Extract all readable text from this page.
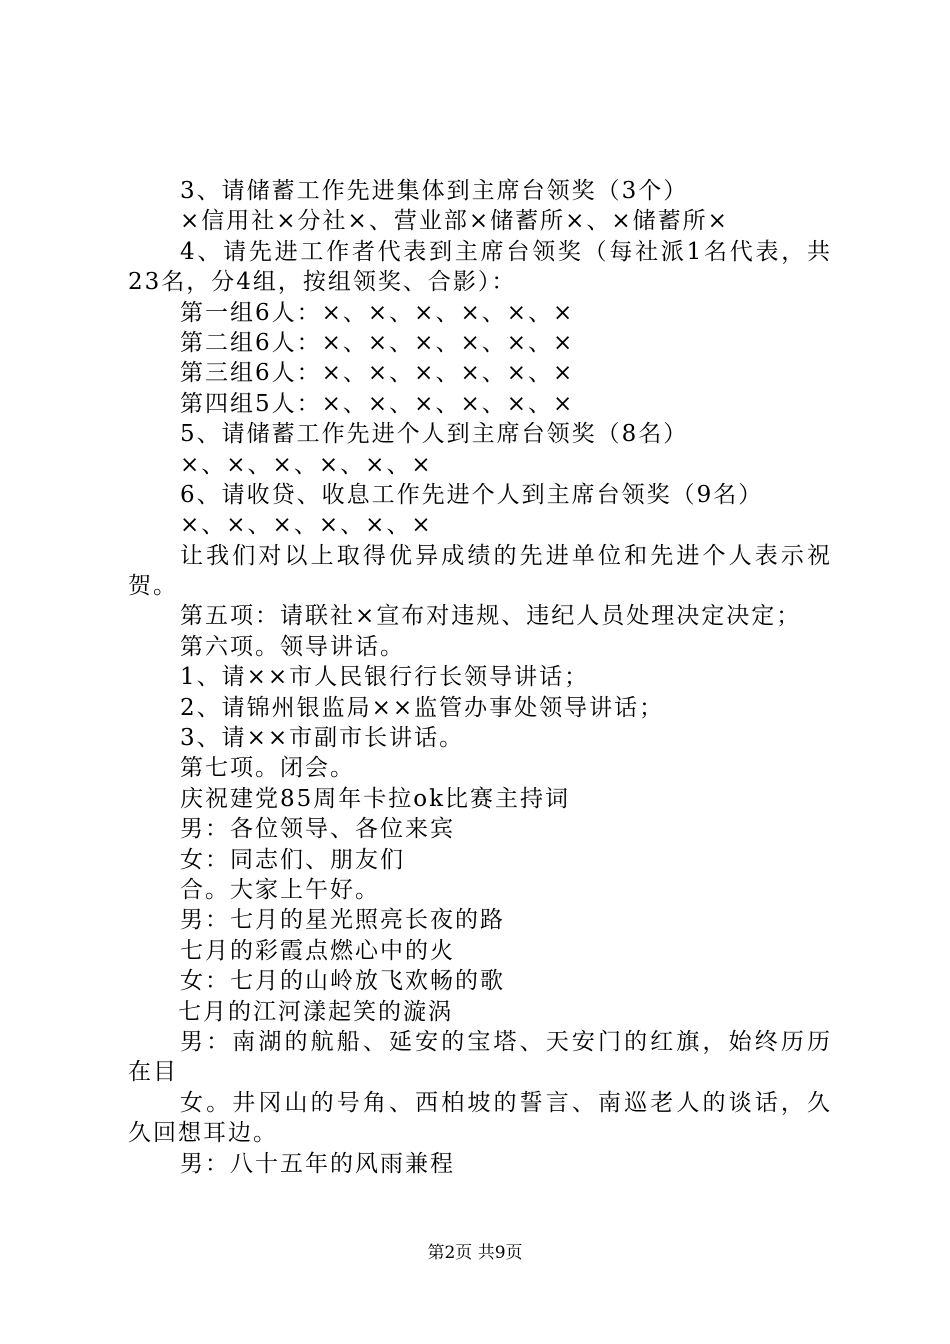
3、请储蓄工作先进集体到主席台领奖（3个）

×信用社×分社×、营业部×储蓄所×、×储蓄所×

4、请先进工作者代表到主席台领奖（每社派1名代表，共

23名，分4组，按组领奖、合影）：

第一组6人：×、×、×、×、×、×

第二组6人：×、×、×、×、×、×

第三组6人：×、×、×、×、×、×

第四组5人：×、×、×、×、×、×

5、请储蓄工作先进个人到主席台领奖（8名）

×、×、×、×、×、×

6、请收贷、收息工作先进个人到主席台领奖（9名）

×、×、×、×、×、×

让我们对以上取得优异成绩的先进单位和先进个人表示祝

贺。

第五项：请联社×宣布对违规、违纪人员处理决定决定；

第六项。领导讲话。

1、请××市人民银行行长领导讲话；

2、请锦州银监局××监管办事处领导讲话；

3、请××市副市长讲话。

第七项。闭会。

庆祝建党85周年卡拉ok比赛主持词

男：各位领导、各位来宾

女：同志们、朋友们

合。大家上午好。

男：七月的星光照亮长夜的路

七月的彩霞点燃心中的火

女：七月的山岭放飞欢畅的歌

七月的江河漾起笑的漩涡

男：南湖的航船、延安的宝塔、天安门的红旗，始终历历

在目

女。井冈山的号角、西柏坡的誓言、南巡老人的谈话，久

久回想耳边。

男：八十五年的风雨兼程

第2页 共9页
